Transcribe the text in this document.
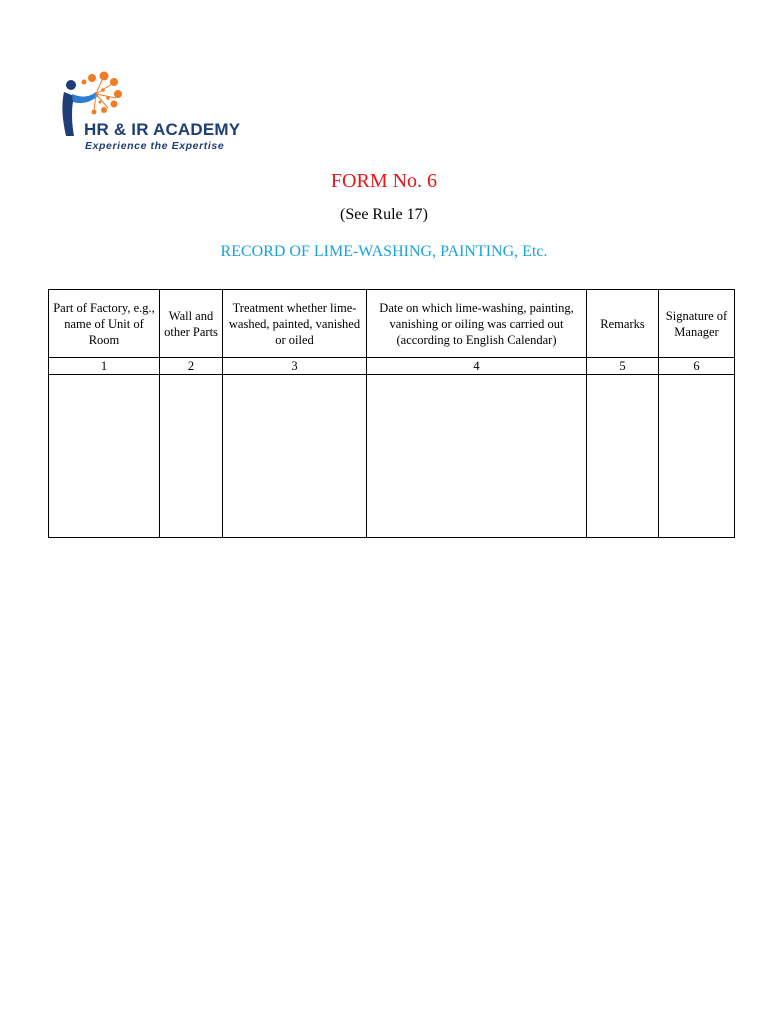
HR & IR ACADEMY
Experience the Expertise
FORM No. 6
(See Rule 17)
RECORD OF LIME-WASHING, PAINTING, Etc.
Part of Factory, e.g., name of Unit of Room	Wall and other Parts	Treatment whether lime-washed, painted, vanished or oiled	Date on which lime-washing, painting, vanishing or oiling was carried out (according to English Calendar)	Remarks	Signature of Manager
1	2	3	4	5	6
